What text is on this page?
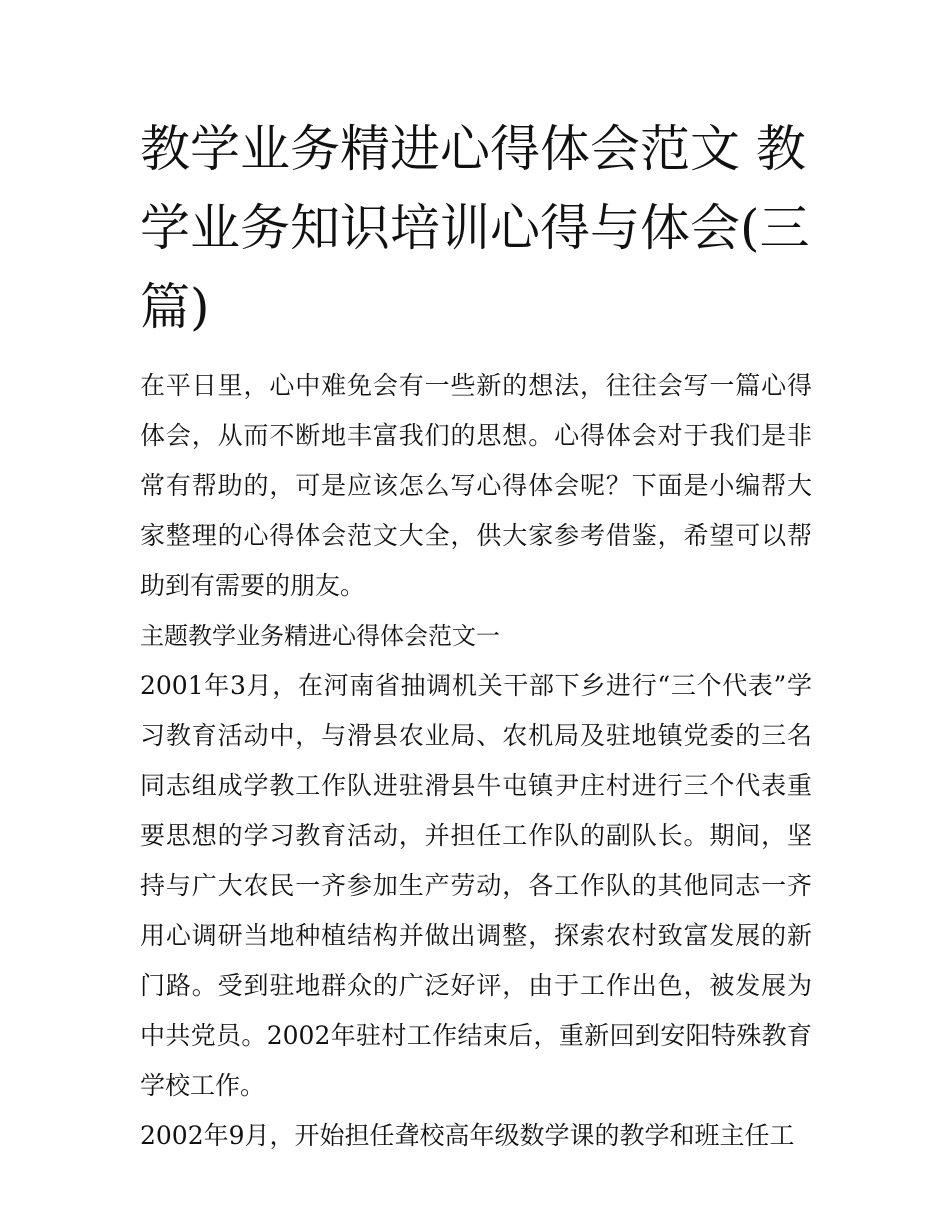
教学业务精进心得体会范文 教学业务知识培训心得与体会(三篇)

在平日里，心中难免会有一些新的想法，往往会写一篇心得体会，从而不断地丰富我们的思想。心得体会对于我们是非常有帮助的，可是应该怎么写心得体会呢？下面是小编帮大家整理的心得体会范文大全，供大家参考借鉴，希望可以帮助到有需要的朋友。

主题教学业务精进心得体会范文一

2001年3月，在河南省抽调机关干部下乡进行“三个代表”学习教育活动中，与滑县农业局、农机局及驻地镇党委的三名同志组成学教工作队进驻滑县牛屯镇尹庄村进行三个代表重要思想的学习教育活动，并担任工作队的副队长。期间，坚持与广大农民一齐参加生产劳动，各工作队的其他同志一齐用心调研当地种植结构并做出调整，探索农村致富发展的新门路。受到驻地群众的广泛好评，由于工作出色，被发展为中共党员。2002年驻村工作结束后，重新回到安阳特殊教育学校工作。

2002年9月，开始担任聋校高年级数学课的教学和班主任工
